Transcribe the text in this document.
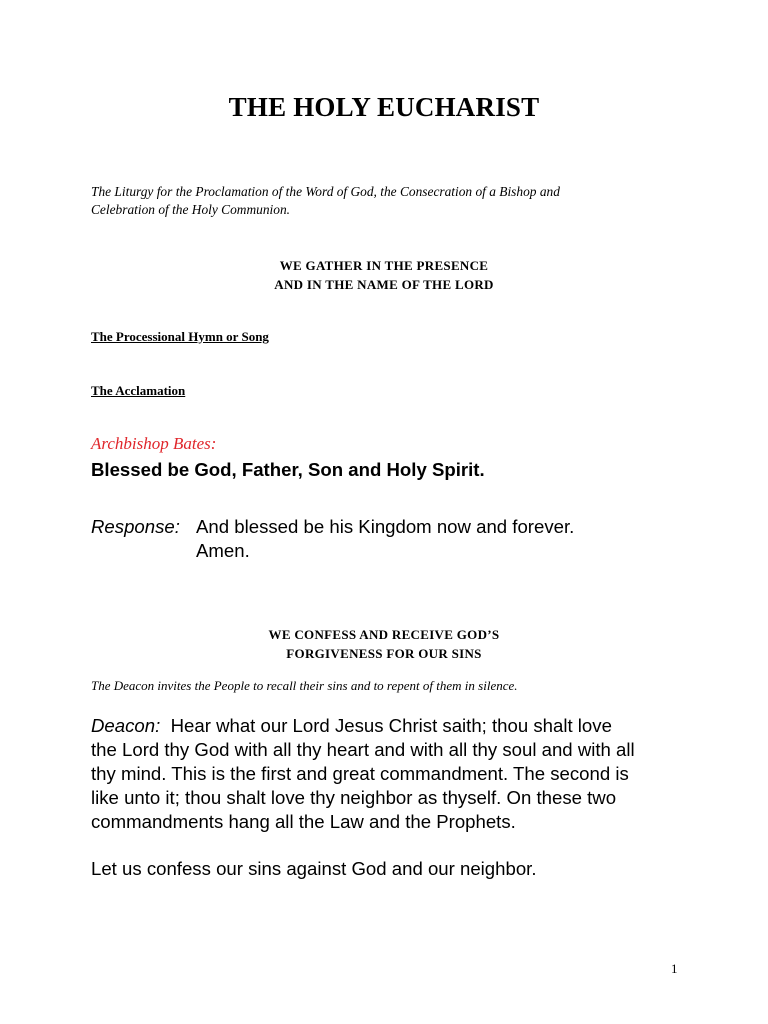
THE HOLY EUCHARIST
The Liturgy for the Proclamation of the Word of God, the Consecration of a Bishop and
Celebration of the Holy Communion.
WE GATHER IN THE PRESENCE
AND IN THE NAME OF THE LORD
The Processional Hymn or Song
The Acclamation
Archbishop Bates:
Blessed be God, Father, Son and Holy Spirit.
Response: And blessed be his Kingdom now and forever.
Amen.
WE CONFESS AND RECEIVE GOD’S
FORGIVENESS FOR OUR SINS
The Deacon invites the People to recall their sins and to repent of them in silence.
Deacon: Hear what our Lord Jesus Christ saith; thou shalt love
the Lord thy God with all thy heart and with all thy soul and with all
thy mind. This is the first and great commandment. The second is
like unto it; thou shalt love thy neighbor as thyself. On these two
commandments hang all the Law and the Prophets.
Let us confess our sins against God and our neighbor.
1
